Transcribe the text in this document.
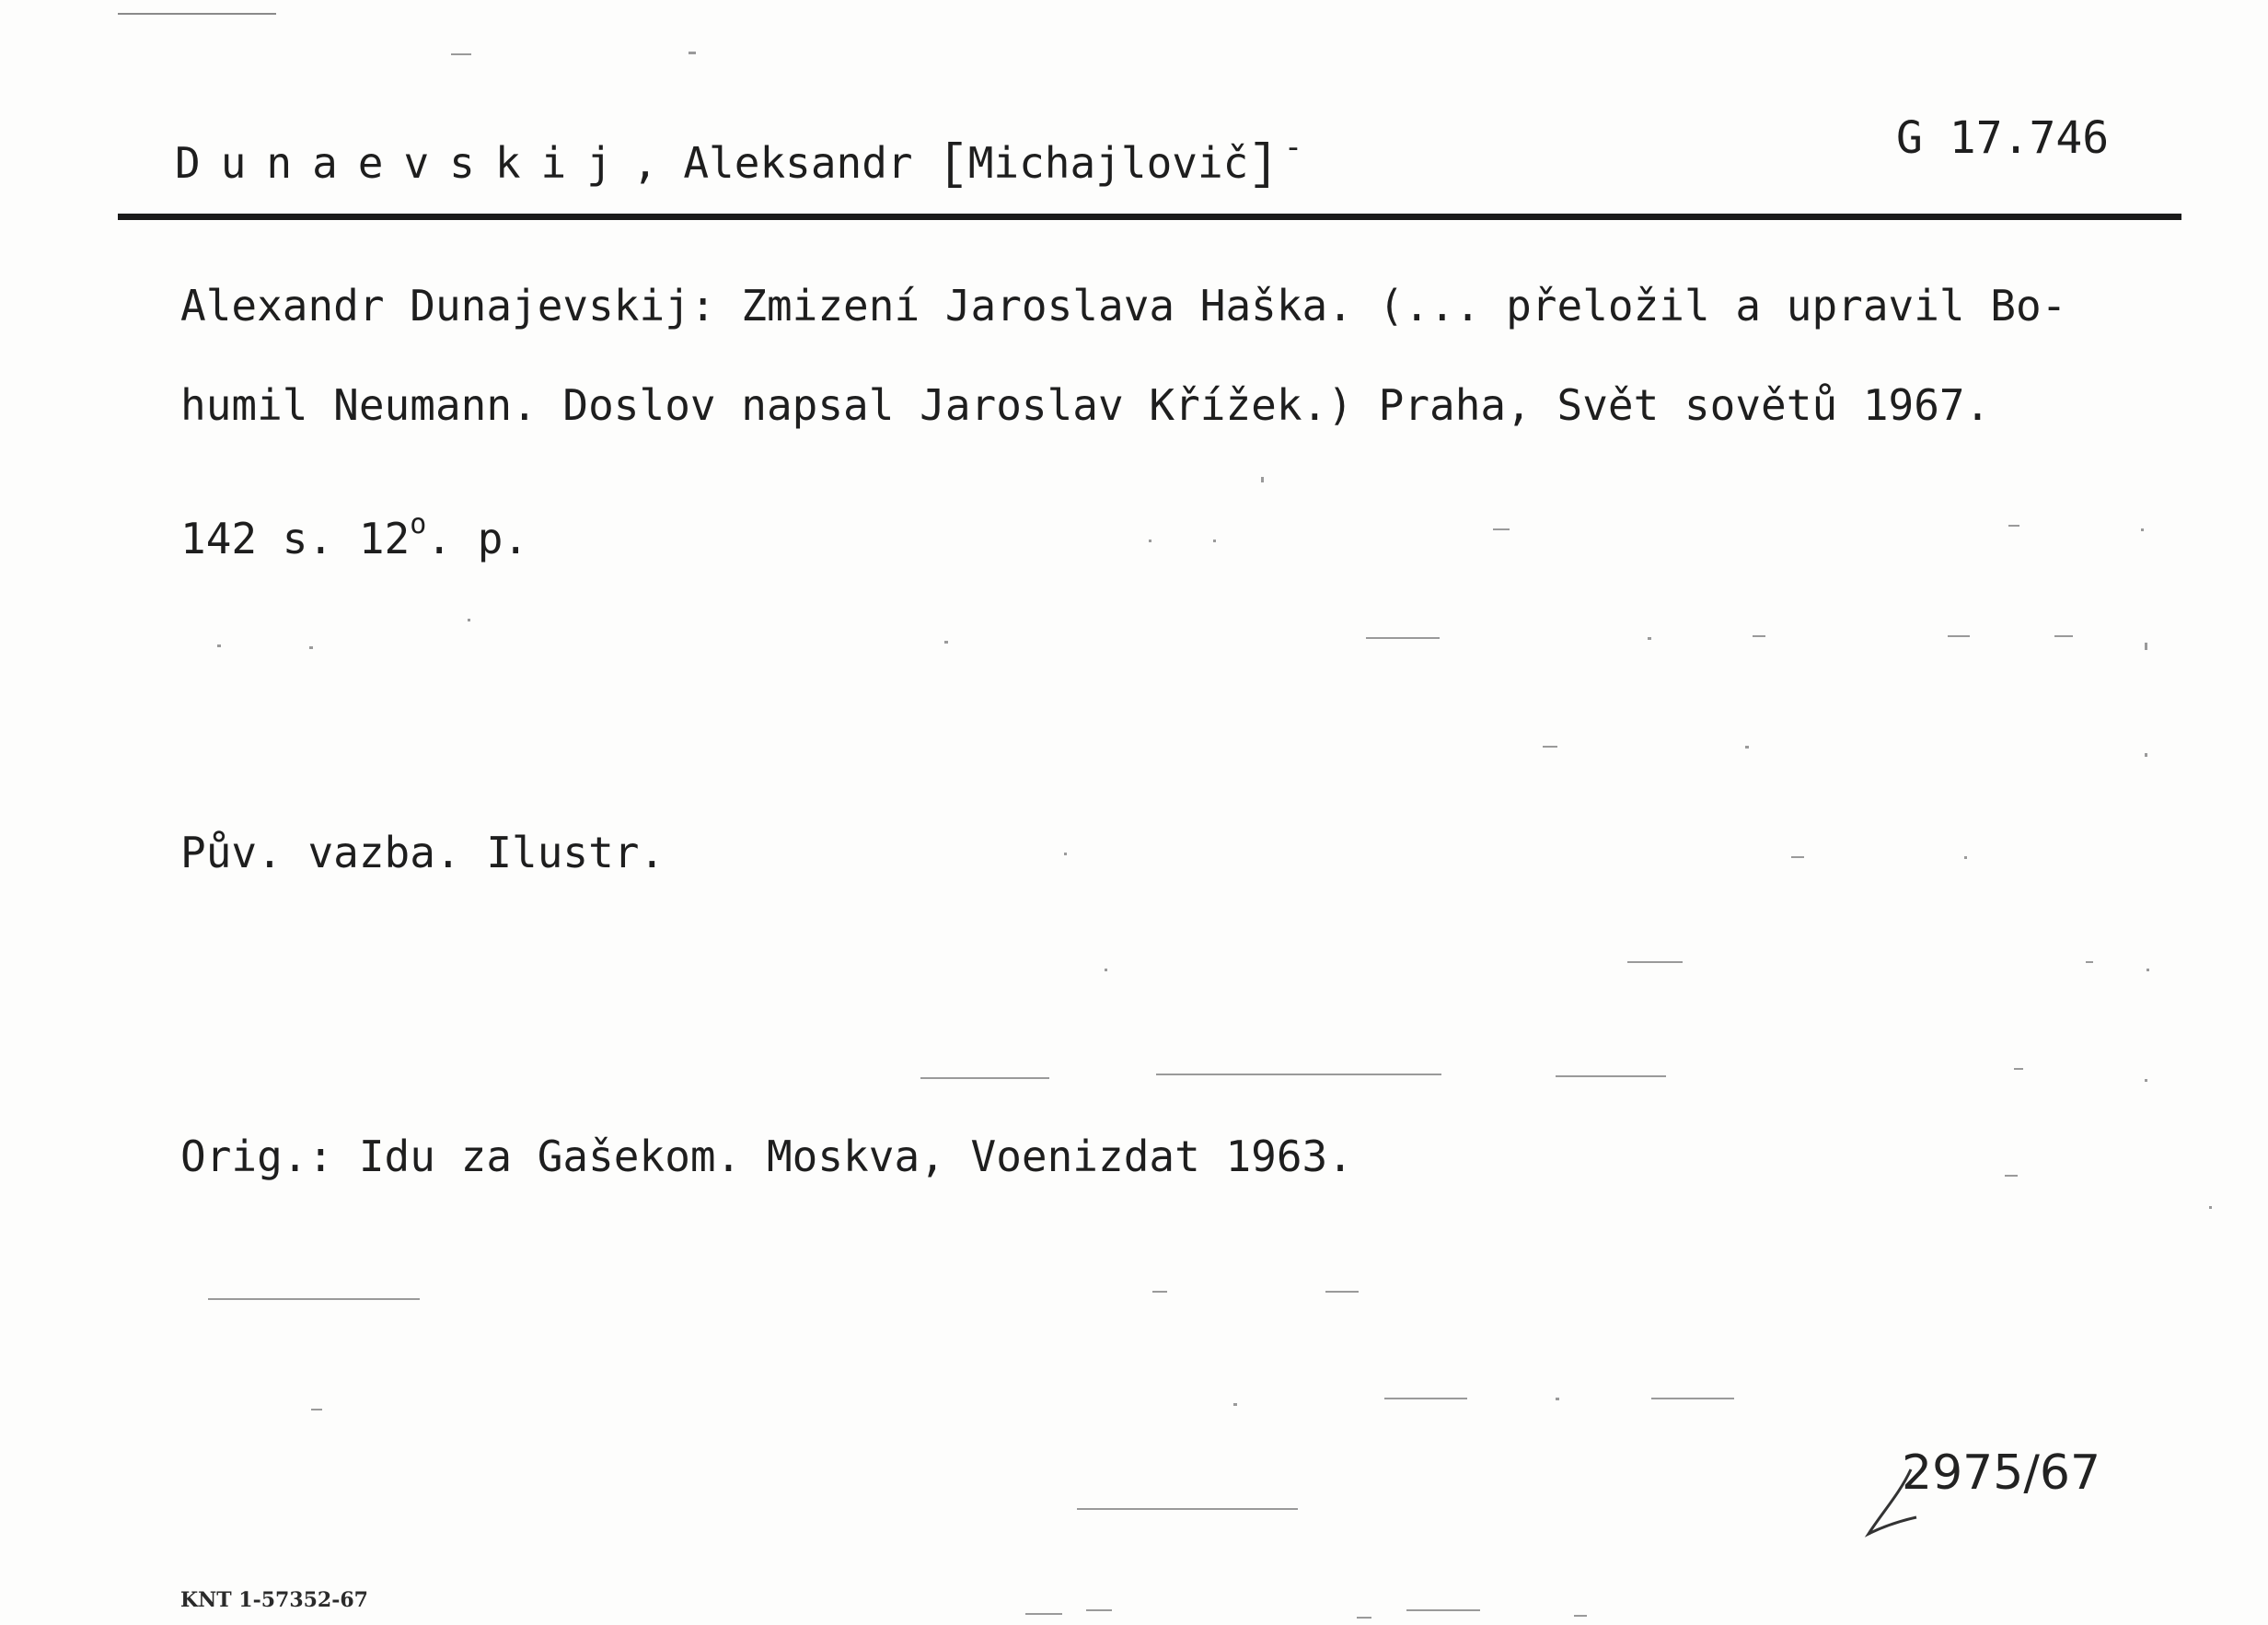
Dunaevskij, Aleksandr [Michajlovič] -	G 17.746
Alexandr Dunajevskij: Zmizení Jaroslava Haška. (... přeložil a upravil Bo-
humil Neumann. Doslov napsal Jaroslav Křížek.) Praha, Svět sovětů 1967.
142 s. 12$^o$. p.
Pův. vazba. Ilustr.
Orig.: Idu za Gašekom. Moskva, Voenizdat 1963.
2975/67
KNT 1-57352-67
